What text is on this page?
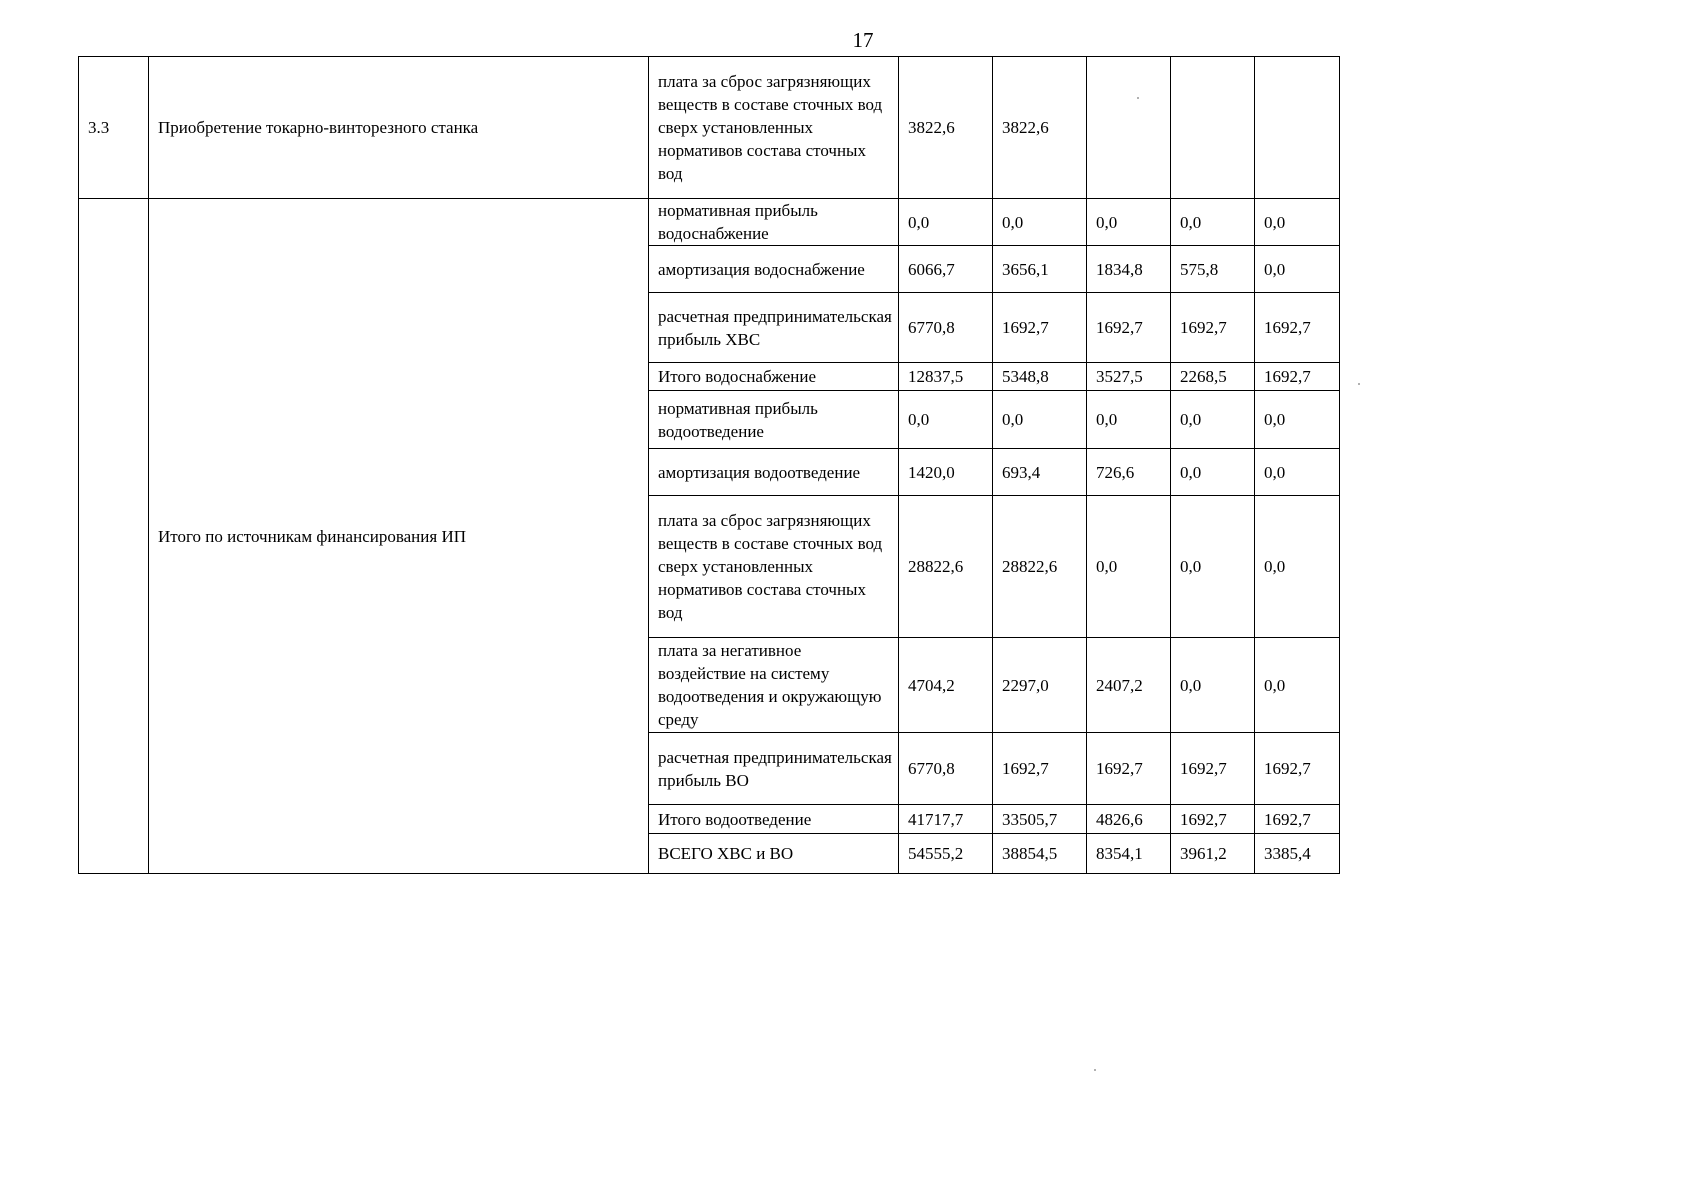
17
3.3	Приобретение токарно-винторезного станка	плата за сброс загрязняющих веществ в составе сточных вод сверх установленных нормативов состава сточных вод	3822,6	3822,6			
	Итого по источникам финансирования ИП	нормативная прибыль водоснабжение	0,0	0,0	0,0	0,0	0,0
		амортизация водоснабжение	6066,7	3656,1	1834,8	575,8	0,0
		расчетная предпринимательская прибыль ХВС	6770,8	1692,7	1692,7	1692,7	1692,7
		Итого водоснабжение	12837,5	5348,8	3527,5	2268,5	1692,7
		нормативная прибыль водоотведение	0,0	0,0	0,0	0,0	0,0
		амортизация водоотведение	1420,0	693,4	726,6	0,0	0,0
		плата за сброс загрязняющих веществ в составе сточных вод сверх установленных нормативов состава сточных вод	28822,6	28822,6	0,0	0,0	0,0
		плата за негативное воздействие на систему водоотведения и окружающую среду	4704,2	2297,0	2407,2	0,0	0,0
		расчетная предпринимательская прибыль ВО	6770,8	1692,7	1692,7	1692,7	1692,7
		Итого водоотведение	41717,7	33505,7	4826,6	1692,7	1692,7
		ВСЕГО ХВС и ВО	54555,2	38854,5	8354,1	3961,2	3385,4
